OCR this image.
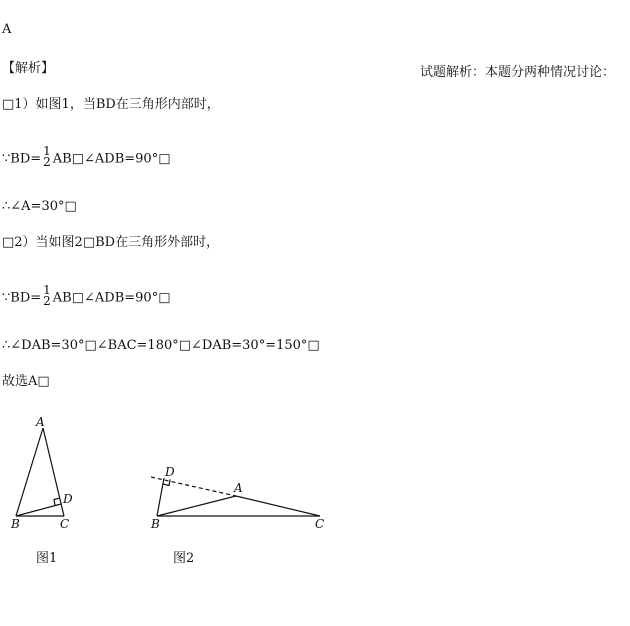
A
【解析】	试题解析：本题分两种情况讨论：
□1）如图1，当BD在三角形内部时，
∵BD=
1
2 AB□∠ADB=90°□
∴∠A=30°□
□2）当如图2□BD在三角形外部时，
∵BD=
1
2 AB□∠ADB=90°□
∴∠DAB=30°□∠BAC=180°□∠DAB=30°=150°□
故选A□
A
B	C
D
图1
D
A
B	C
图2
